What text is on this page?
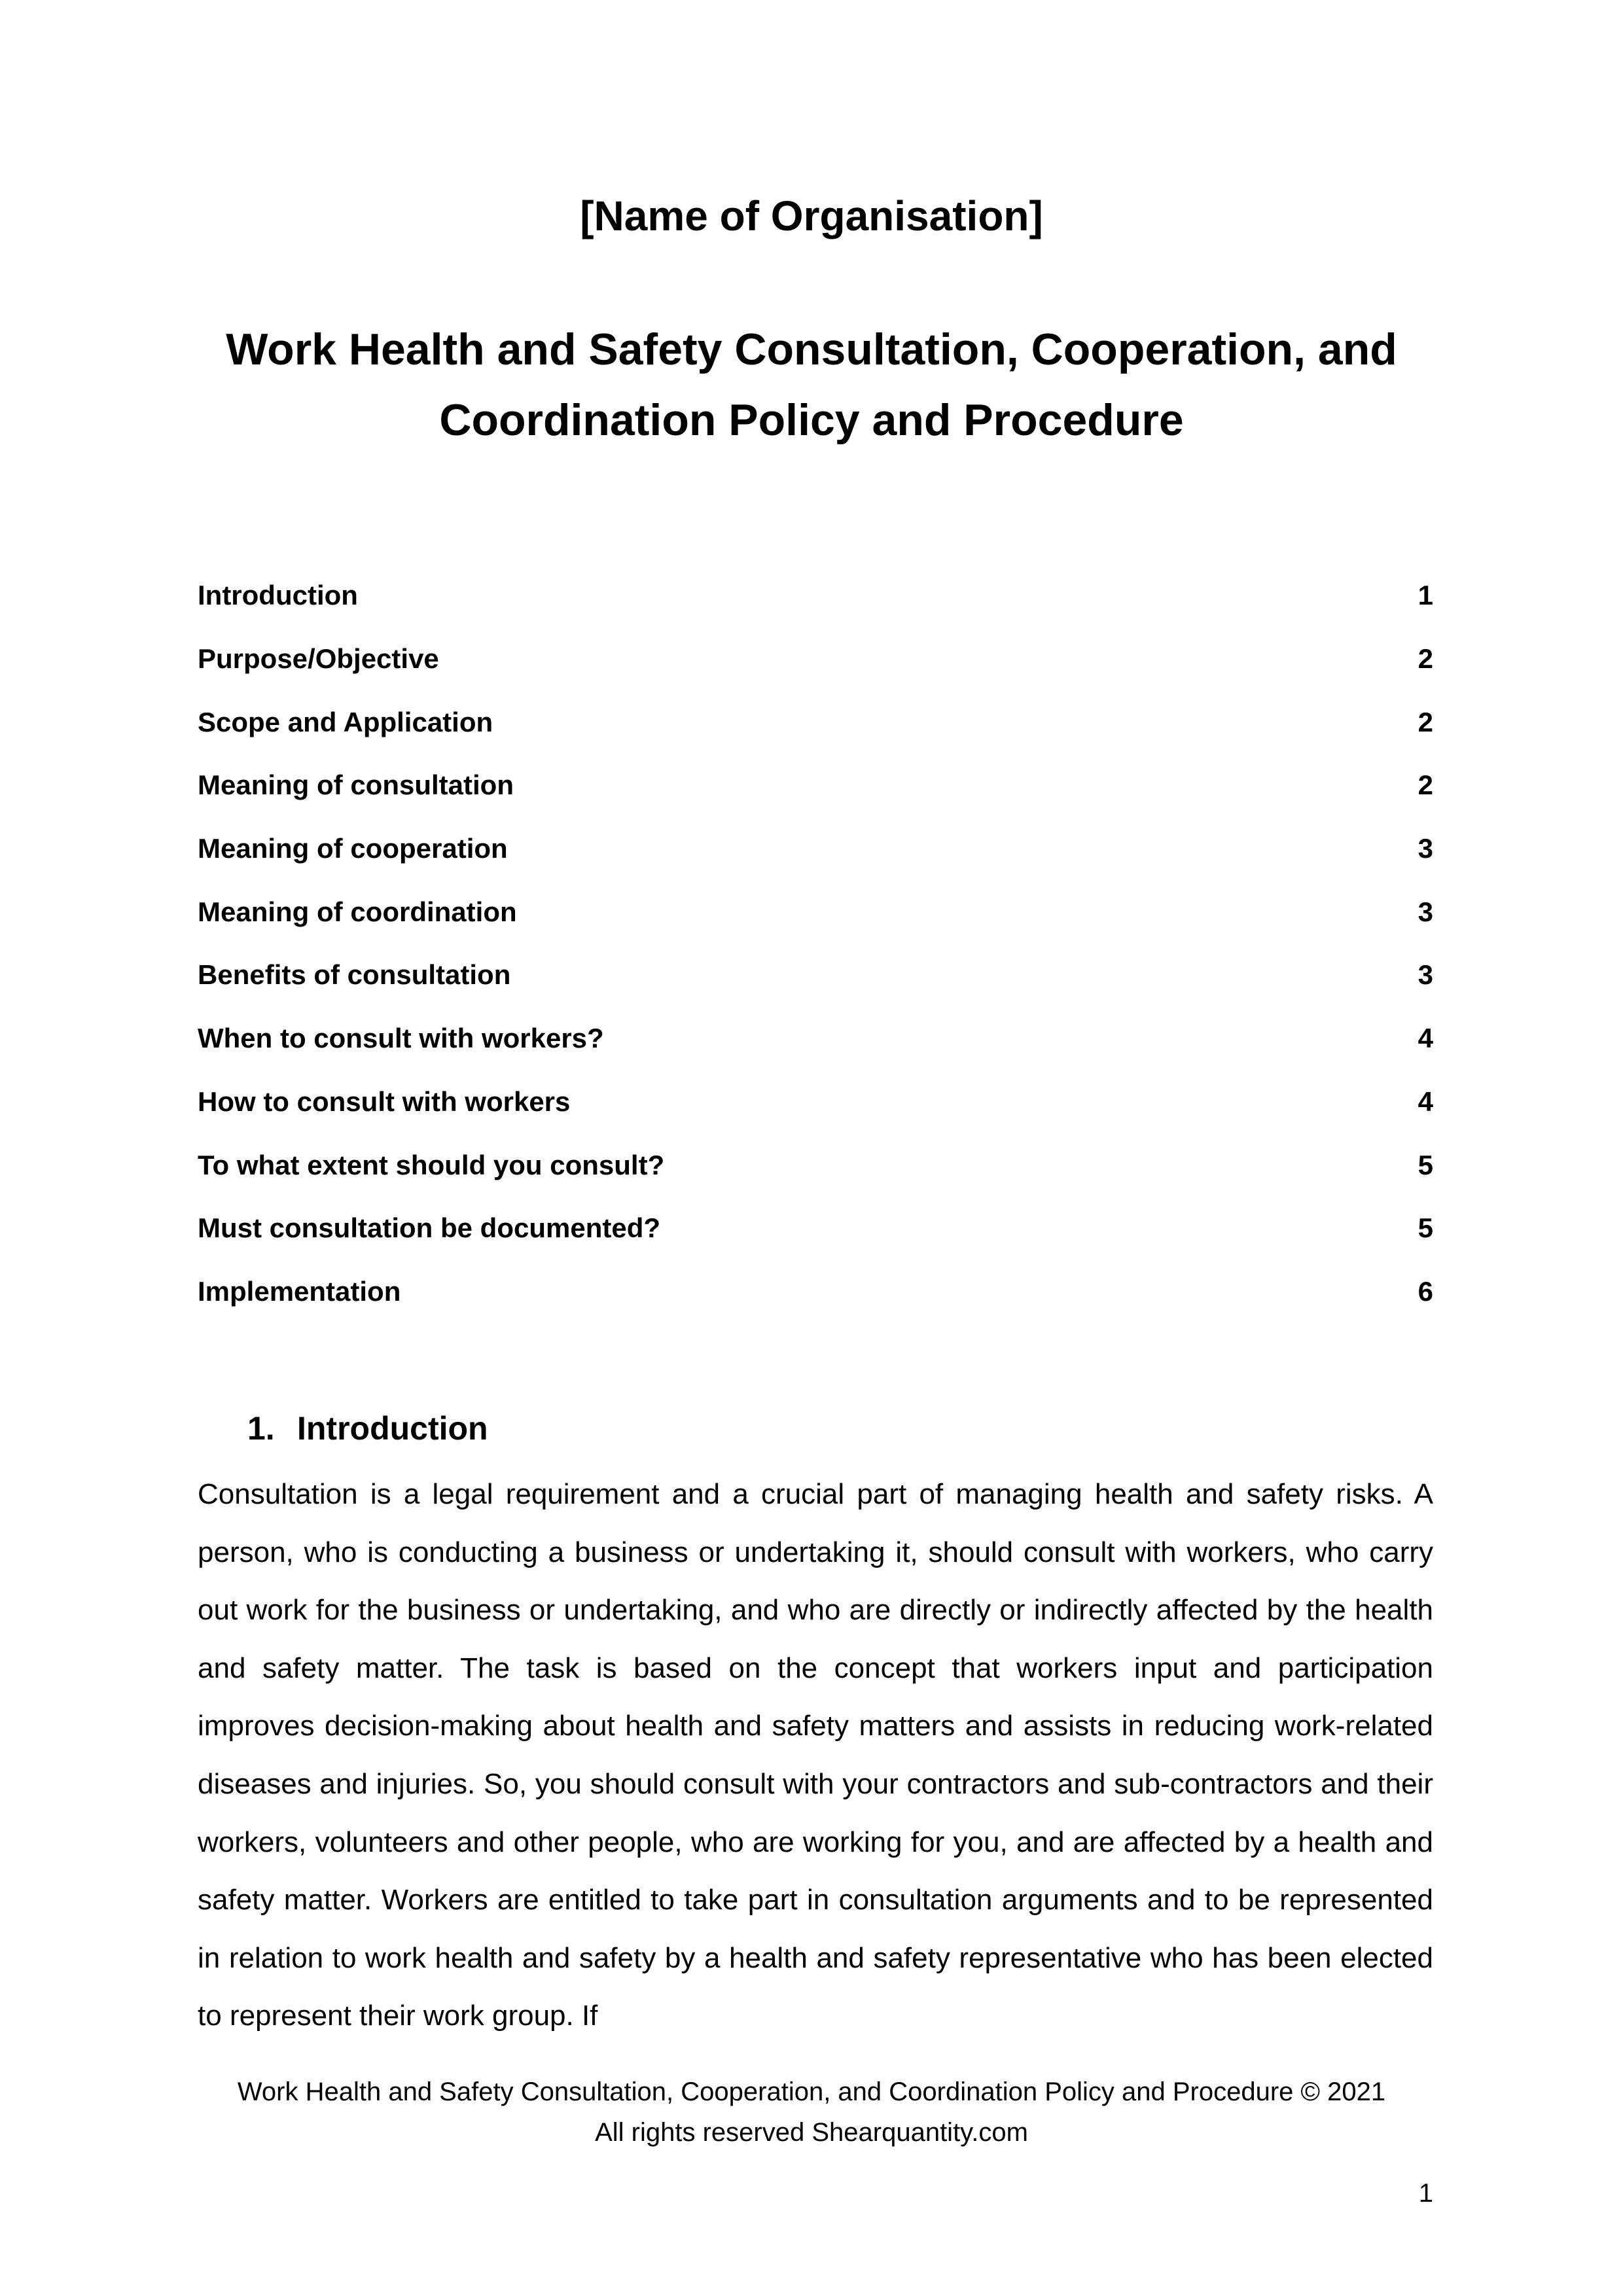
[Name of Organisation]
Work Health and Safety Consultation, Cooperation, and
Coordination Policy and Procedure
Introduction	1
Purpose/Objective	2
Scope and Application	2
Meaning of consultation	2
Meaning of cooperation	3
Meaning of coordination	3
Benefits of consultation	3
When to consult with workers?	4
How to consult with workers	4
To what extent should you consult?	5
Must consultation be documented?	5
Implementation	6
1. Introduction
Consultation is a legal requirement and a crucial part of managing health and safety risks. A person, who is conducting a business or undertaking it, should consult with workers, who carry out work for the business or undertaking, and who are directly or indirectly affected by the health and safety matter. The task is based on the concept that workers input and participation improves decision-making about health and safety matters and assists in reducing work-related diseases and injuries. So, you should consult with your contractors and sub-contractors and their workers, volunteers and other people, who are working for you, and are affected by a health and safety matter. Workers are entitled to take part in consultation arguments and to be represented in relation to work health and safety by a health and safety representative who has been elected to represent their work group. If
Work Health and Safety Consultation, Cooperation, and Coordination Policy and Procedure © 2021
All rights reserved Shearquantity.com
1
